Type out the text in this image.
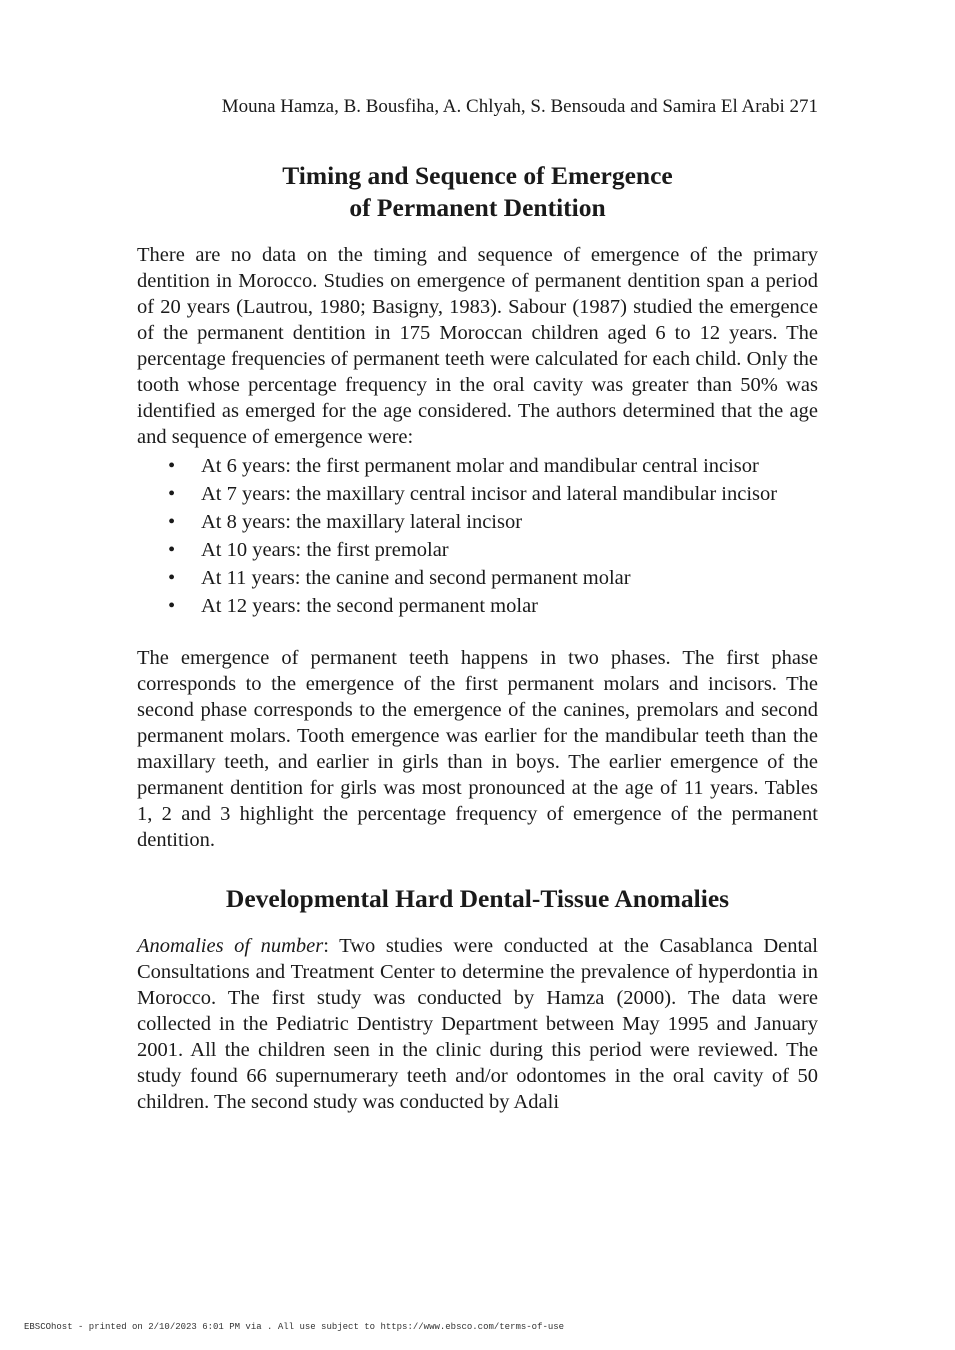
Mouna Hamza, B. Bousfiha, A. Chlyah, S. Bensouda and Samira El Arabi 271
Timing and Sequence of Emergence
of Permanent Dentition

There are no data on the timing and sequence of emergence of the primary dentition in Morocco. Studies on emergence of permanent dentition span a period of 20 years (Lautrou, 1980; Basigny, 1983). Sabour (1987) studied the emergence of the permanent dentition in 175 Moroccan children aged 6 to 12 years. The percentage frequencies of permanent teeth were calculated for each child. Only the tooth whose percentage frequency in the oral cavity was greater than 50% was identified as emerged for the age considered. The authors determined that the age and sequence of emergence were:

• At 6 years: the first permanent molar and mandibular central incisor
• At 7 years: the maxillary central incisor and lateral mandibular incisor
• At 8 years: the maxillary lateral incisor
• At 10 years: the first premolar
• At 11 years: the canine and second permanent molar
• At 12 years: the second permanent molar

The emergence of permanent teeth happens in two phases. The first phase corresponds to the emergence of the first permanent molars and incisors. The second phase corresponds to the emergence of the canines, premolars and second permanent molars. Tooth emergence was earlier for the mandibular teeth than the maxillary teeth, and earlier in girls than in boys. The earlier emergence of the permanent dentition for girls was most pronounced at the age of 11 years. Tables 1, 2 and 3 highlight the percentage frequency of emergence of the permanent dentition.

Developmental Hard Dental-Tissue Anomalies

Anomalies of number: Two studies were conducted at the Casablanca Dental Consultations and Treatment Center to determine the prevalence of hyperdontia in Morocco. The first study was conducted by Hamza (2000). The data were collected in the Pediatric Dentistry Department between May 1995 and January 2001. All the children seen in the clinic during this period were reviewed. The study found 66 supernumerary teeth and/or odontomes in the oral cavity of 50 children. The second study was conducted by Adali

EBSCOhost - printed on 2/10/2023 6:01 PM via . All use subject to https://www.ebsco.com/terms-of-use
